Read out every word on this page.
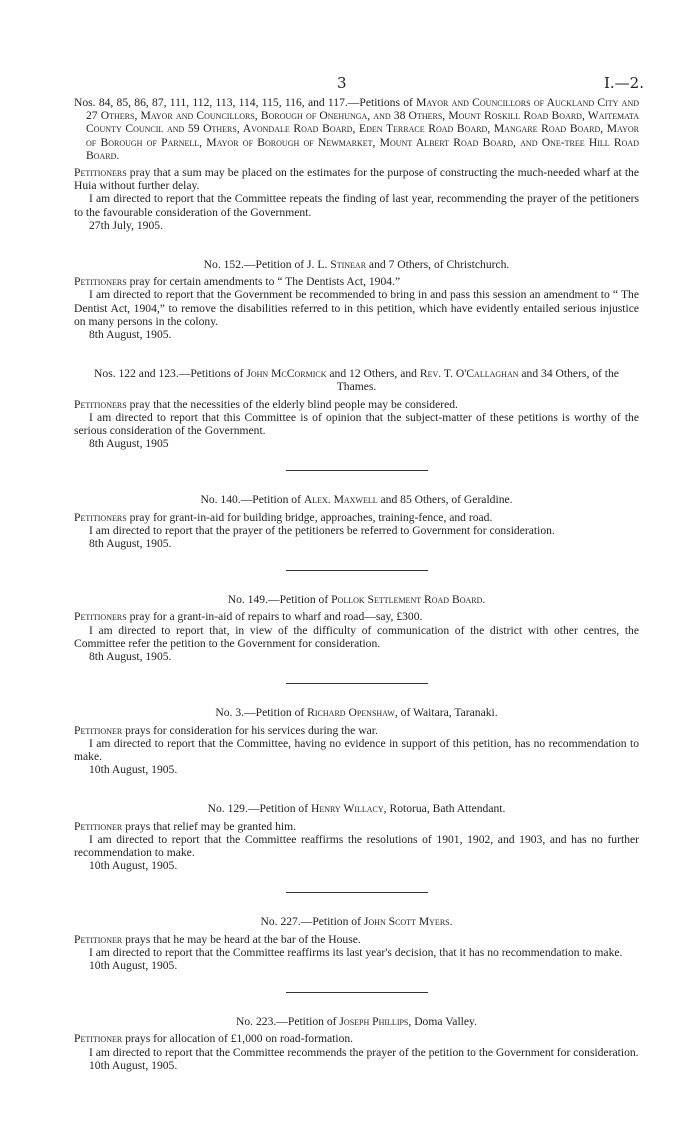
3	I.—2.

Nos. 84, 85, 86, 87, 111, 112, 113, 114, 115, 116, and 117.—Petitions of Mayor and Councillors of Auckland City and 27 Others, Mayor and Councillors, Borough of Onehunga, and 38 Others, Mount Roskill Road Board, Waitemata County Council and 59 Others, Avondale Road Board, Eden Terrace Road Board, Mangare Road Board, Mayor of Borough of Parnell, Mayor of Borough of Newmarket, Mount Albert Road Board, and One-tree Hill Road Board.

Petitioners pray that a sum may be placed on the estimates for the purpose of constructing the much-needed wharf at the Huia without further delay.

I am directed to report that the Committee repeats the finding of last year, recommending the prayer of the petitioners to the favourable consideration of the Government.

27th July, 1905.

No. 152.—Petition of J. L. Stinear and 7 Others, of Christchurch.

Petitioners pray for certain amendments to “ The Dentists Act, 1904.”

I am directed to report that the Government be recommended to bring in and pass this session an amendment to “ The Dentist Act, 1904,” to remove the disabilities referred to in this petition, which have evidently entailed serious injustice on many persons in the colony.

8th August, 1905.

Nos. 122 and 123.—Petitions of John McCormick and 12 Others, and Rev. T. O'Callaghan and 34 Others, of the Thames.

Petitioners pray that the necessities of the elderly blind people may be considered.

I am directed to report that this Committee is of opinion that the subject-matter of these petitions is worthy of the serious consideration of the Government.

8th August, 1905

No. 140.—Petition of Alex. Maxwell and 85 Others, of Geraldine.

Petitioners pray for grant-in-aid for building bridge, approaches, training-fence, and road.

I am directed to report that the prayer of the petitioners be referred to Government for consideration.

8th August, 1905.

No. 149.—Petition of Pollok Settlement Road Board.

Petitioners pray for a grant-in-aid of repairs to wharf and road—say, £300.

I am directed to report that, in view of the difficulty of communication of the district with other centres, the Committee refer the petition to the Government for consideration.

8th August, 1905.

No. 3.—Petition of Richard Openshaw, of Waitara, Taranaki.

Petitioner prays for consideration for his services during the war.

I am directed to report that the Committee, having no evidence in support of this petition, has no recommendation to make.

10th August, 1905.

No. 129.—Petition of Henry Willacy, Rotorua, Bath Attendant.

Petitioner prays that relief may be granted him.

I am directed to report that the Committee reaffirms the resolutions of 1901, 1902, and 1903, and has no further recommendation to make.

10th August, 1905.

No. 227.—Petition of John Scott Myers.

Petitioner prays that he may be heard at the bar of the House.

I am directed to report that the Committee reaffirms its last year's decision, that it has no recommendation to make.

10th August, 1905.

No. 223.—Petition of Joseph Phillips, Doma Valley.

Petitioner prays for allocation of £1,000 on road-formation.

I am directed to report that the Committee recommends the prayer of the petition to the Government for consideration.

10th August, 1905.
